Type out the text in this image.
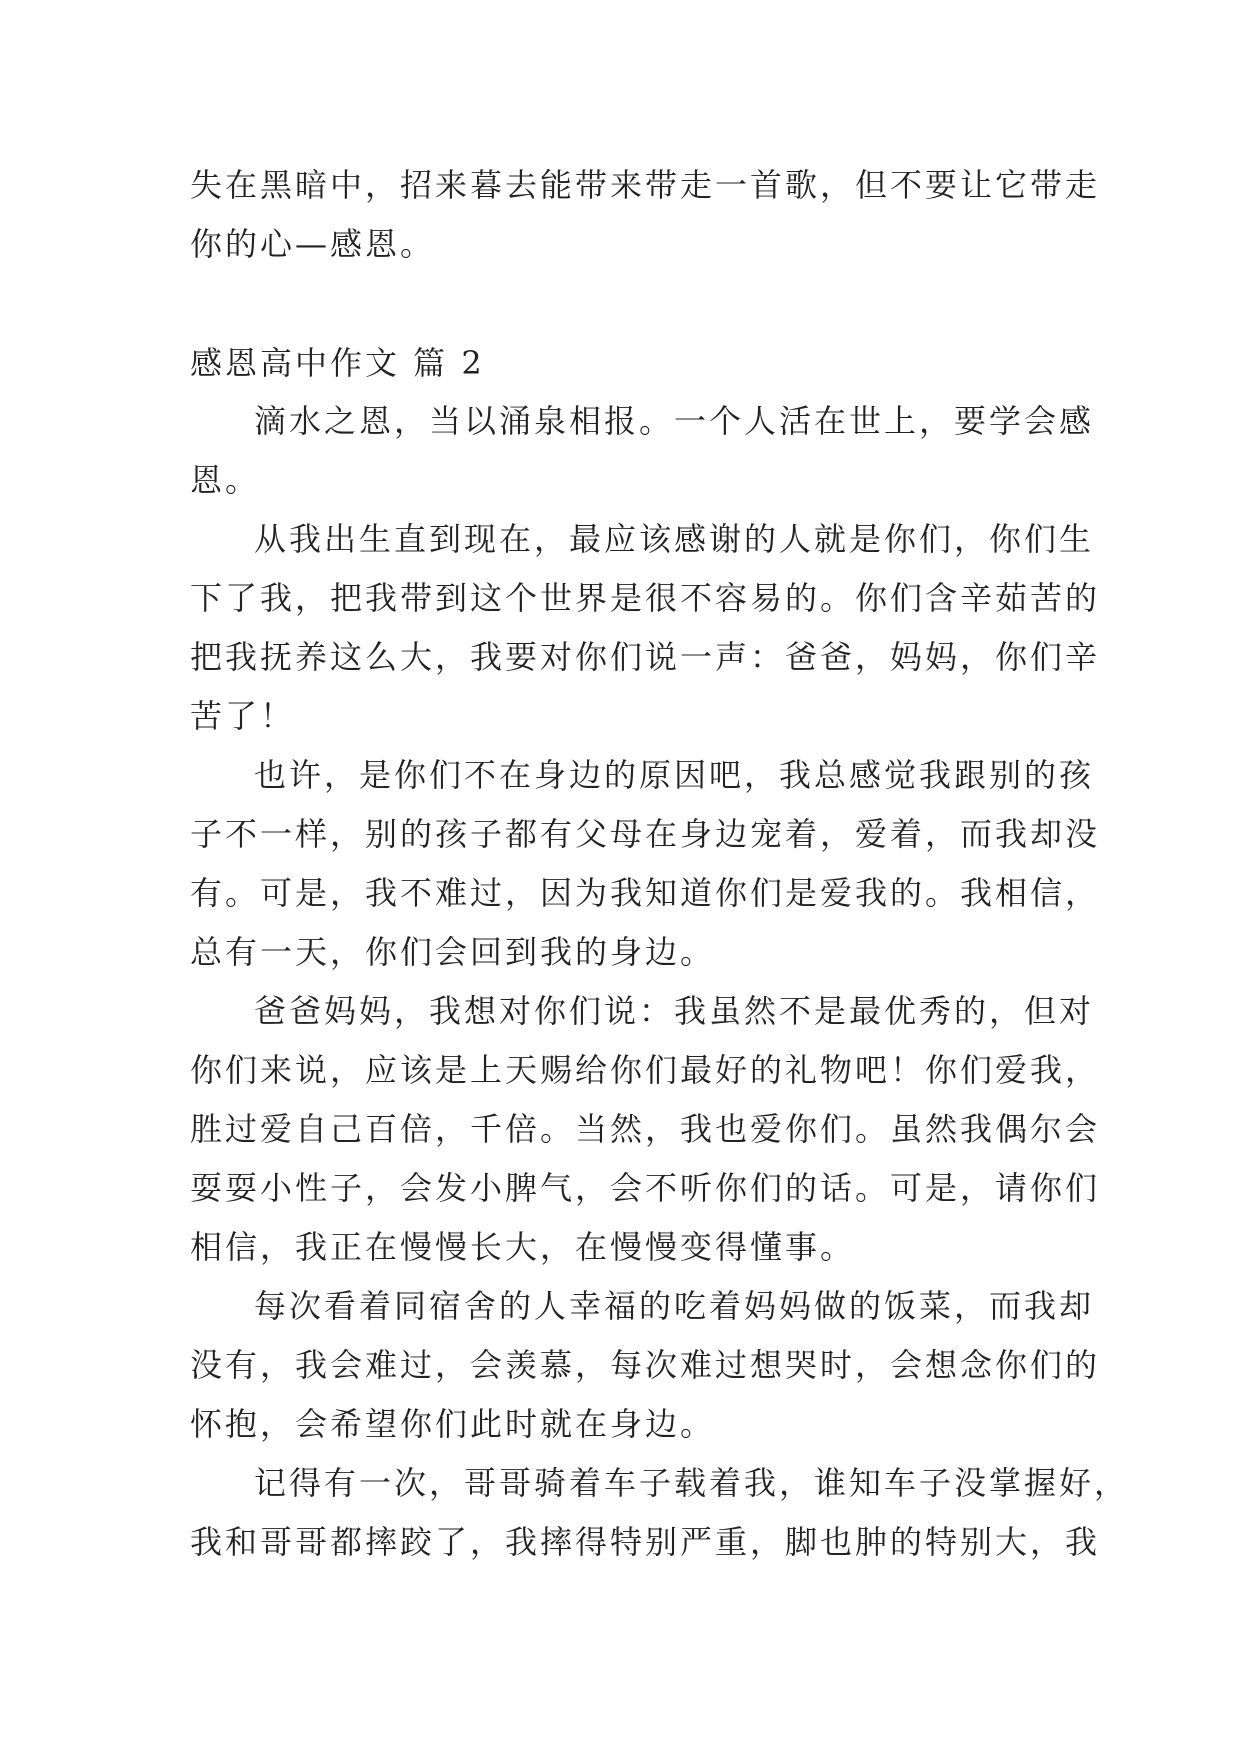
失在黑暗中，招来暮去能带来带走一首歌，但不要让它带走
你的心—感恩。
感恩高中作文 篇 2
滴水之恩，当以涌泉相报。一个人活在世上，要学会感
恩。
从我出生直到现在，最应该感谢的人就是你们，你们生
下了我，把我带到这个世界是很不容易的。你们含辛茹苦的
把我抚养这么大，我要对你们说一声：爸爸，妈妈，你们辛
苦了！
也许，是你们不在身边的原因吧，我总感觉我跟别的孩
子不一样，别的孩子都有父母在身边宠着，爱着，而我却没
有。可是，我不难过，因为我知道你们是爱我的。我相信，
总有一天，你们会回到我的身边。
爸爸妈妈，我想对你们说：我虽然不是最优秀的，但对
你们来说，应该是上天赐给你们最好的礼物吧！你们爱我，
胜过爱自己百倍，千倍。当然，我也爱你们。虽然我偶尔会
耍耍小性子，会发小脾气，会不听你们的话。可是，请你们
相信，我正在慢慢长大，在慢慢变得懂事。
每次看着同宿舍的人幸福的吃着妈妈做的饭菜，而我却
没有，我会难过，会羡慕，每次难过想哭时，会想念你们的
怀抱，会希望你们此时就在身边。
记得有一次，哥哥骑着车子载着我，谁知车子没掌握好，
我和哥哥都摔跤了，我摔得特别严重，脚也肿的特别大，我
